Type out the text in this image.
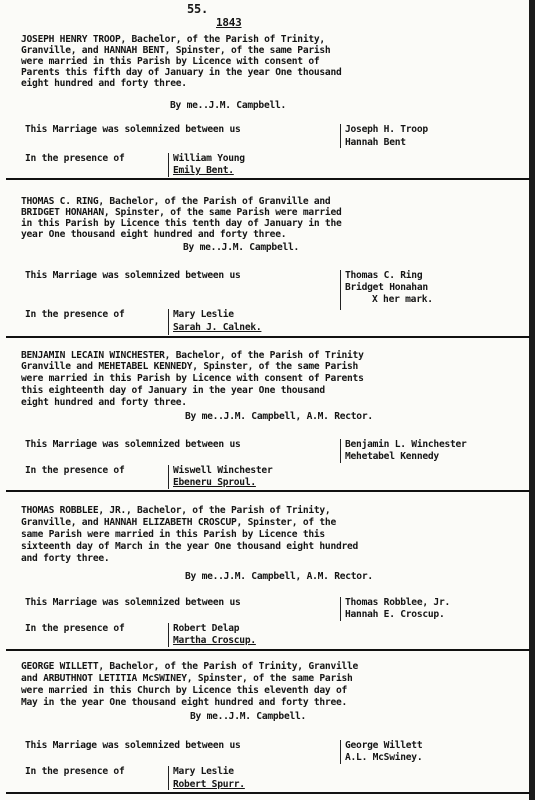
55.
1843
JOSEPH HENRY TROOP, Bachelor, of the Parish of Trinity,
Granville, and HANNAH BENT, Spinster, of the same Parish
were married in this Parish by Licence with consent of
Parents this fifth day of January in the year One thousand
eight hundred and forty three.
By me..J.M. Campbell.
This Marriage was solemnized between us	Joseph H. Troop
Hannah Bent
In the presence of	William Young
Emily Bent.
THOMAS C. RING, Bachelor, of the Parish of Granville and
BRIDGET HONAHAN, Spinster, of the same Parish were married
in this Parish by Licence this tenth day of January in the
year One thousand eight hundred and forty three.
By me..J.M. Campbell.
This Marriage was solemnized between us	Thomas C. Ring
Bridget Honahan
X her mark.
In the presence of	Mary Leslie
Sarah J. Calnek.
BENJAMIN LECAIN WINCHESTER, Bachelor, of the Parish of Trinity
Granville and MEHETABEL KENNEDY, Spinster, of the same Parish
were married in this Parish by Licence with consent of Parents
this eighteenth day of January in the year One thousand
eight hundred and forty three.
By me..J.M. Campbell, A.M. Rector.
This Marriage was solemnized between us	Benjamin L. Winchester
Mehetabel Kennedy
In the presence of	Wiswell Winchester
Ebeneru Sproul.
THOMAS ROBBLEE, JR., Bachelor, of the Parish of Trinity,
Granville, and HANNAH ELIZABETH CROSCUP, Spinster, of the
same Parish were married in this Parish by Licence this
sixteenth day of March in the year One thousand eight hundred
and forty three.
By me..J.M. Campbell, A.M. Rector.
This Marriage was solemnized between us	Thomas Robblee, Jr.
Hannah E. Croscup.
In the presence of	Robert Delap
Martha Croscup.
GEORGE WILLETT, Bachelor, of the Parish of Trinity, Granville
and ARBUTHNOT LETITIA McSWINEY, Spinster, of the same Parish
were married in this Church by Licence this eleventh day of
May in the year One thousand eight hundred and forty three.
By me..J.M. Campbell.
This Marriage was solemnized between us	George Willett
A.L. McSwiney.
In the presence of	Mary Leslie
Robert Spurr.
